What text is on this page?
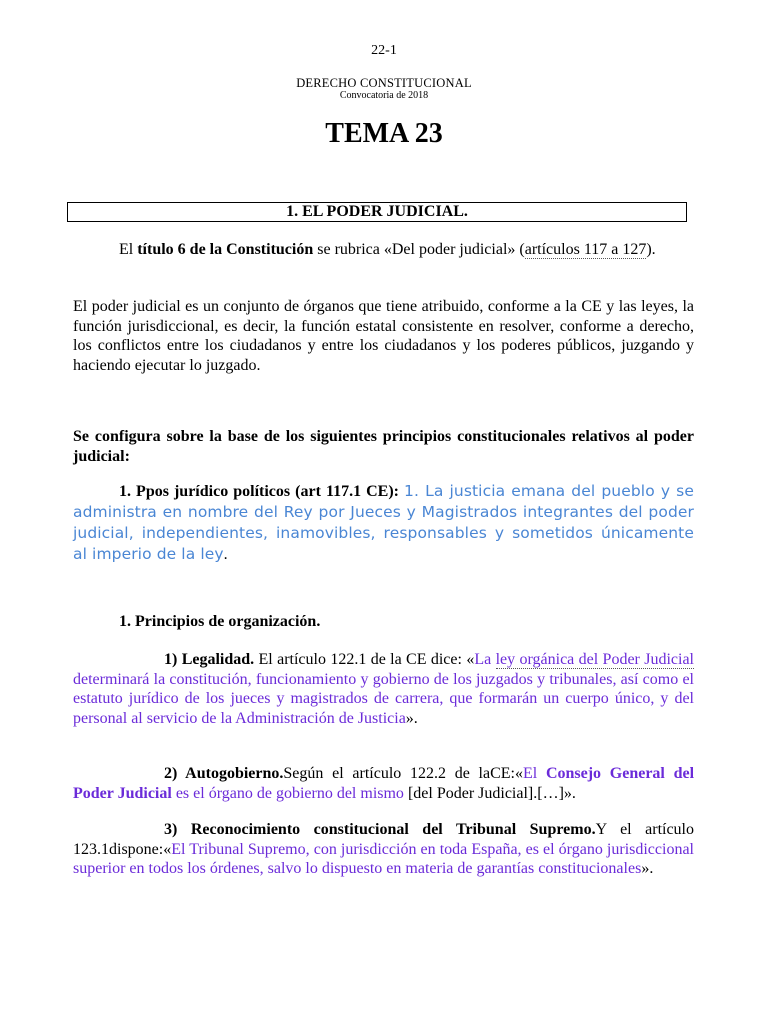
22-1
DERECHO CONSTITUCIONAL
Convocatoria de 2018
TEMA 23
1. EL PODER JUDICIAL.
El título 6 de la Constitución se rubrica «Del poder judicial» (artículos 117 a 127).
El poder judicial es un conjunto de órganos que tiene atribuido, conforme a la CE y las leyes, la función jurisdiccional, es decir, la función estatal consistente en resolver, conforme a derecho, los conflictos entre los ciudadanos y entre los ciudadanos y los poderes públicos, juzgando y haciendo ejecutar lo juzgado.
Se configura sobre la base de los siguientes principios constitucionales relativos al poder judicial:
1. Ppos jurídico políticos (art 117.1 CE): 1. La justicia emana del pueblo y se administra en nombre del Rey por Jueces y Magistrados integrantes del poder judicial, independientes, inamovibles, responsables y sometidos únicamente al imperio de la ley.
1. Principios de organización.
1) Legalidad. El artículo 122.1 de la CE dice: «La ley orgánica del Poder Judicial determinará la constitución, funcionamiento y gobierno de los juzgados y tribunales, así como el estatuto jurídico de los jueces y magistrados de carrera, que formarán un cuerpo único, y del personal al servicio de la Administración de Justicia».
2) Autogobierno.Según el artículo 122.2 de laCE:«El Consejo General del Poder Judicial es el órgano de gobierno del mismo [del Poder Judicial].[…]».
3) Reconocimiento constitucional del Tribunal Supremo.Y el artículo 123.1dispone:«El Tribunal Supremo, con jurisdicción en toda España, es el órgano jurisdiccional superior en todos los órdenes, salvo lo dispuesto en materia de garantías constitucionales».
